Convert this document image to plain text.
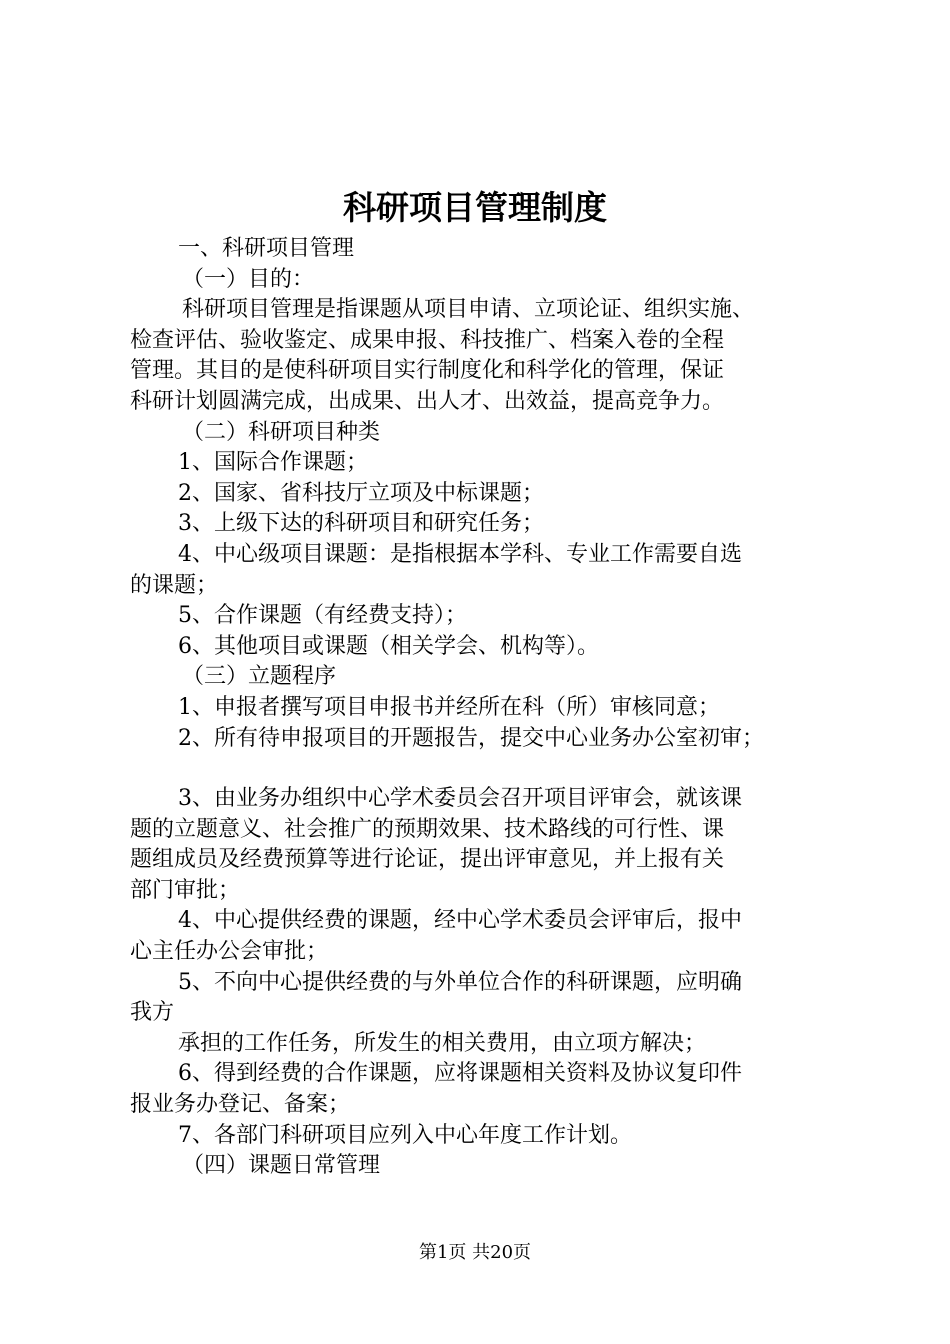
科研项目管理制度

一、科研项目管理

（一）目的：

科研项目管理是指课题从项目申请、立项论证、组织实施、

检查评估、验收鉴定、成果申报、科技推广、档案入卷的全程

管理。其目的是使科研项目实行制度化和科学化的管理，保证

科研计划圆满完成，出成果、出人才、出效益，提高竞争力。

（二）科研项目种类

1、国际合作课题；

2、国家、省科技厅立项及中标课题；

3、上级下达的科研项目和研究任务；

4、中心级项目课题：是指根据本学科、专业工作需要自选

的课题；

5、合作课题（有经费支持）；

6、其他项目或课题（相关学会、机构等）。

（三）立题程序

1、申报者撰写项目申报书并经所在科（所）审核同意；

2、所有待申报项目的开题报告，提交中心业务办公室初审；

3、由业务办组织中心学术委员会召开项目评审会，就该课

题的立题意义、社会推广的预期效果、技术路线的可行性、课

题组成员及经费预算等进行论证，提出评审意见，并上报有关

部门审批；

4、中心提供经费的课题，经中心学术委员会评审后，报中

心主任办公会审批；

5、不向中心提供经费的与外单位合作的科研课题，应明确

我方

承担的工作任务，所发生的相关费用，由立项方解决；

6、得到经费的合作课题，应将课题相关资料及协议复印件

报业务办登记、备案；

7、各部门科研项目应列入中心年度工作计划。

（四）课题日常管理

第1页 共20页
